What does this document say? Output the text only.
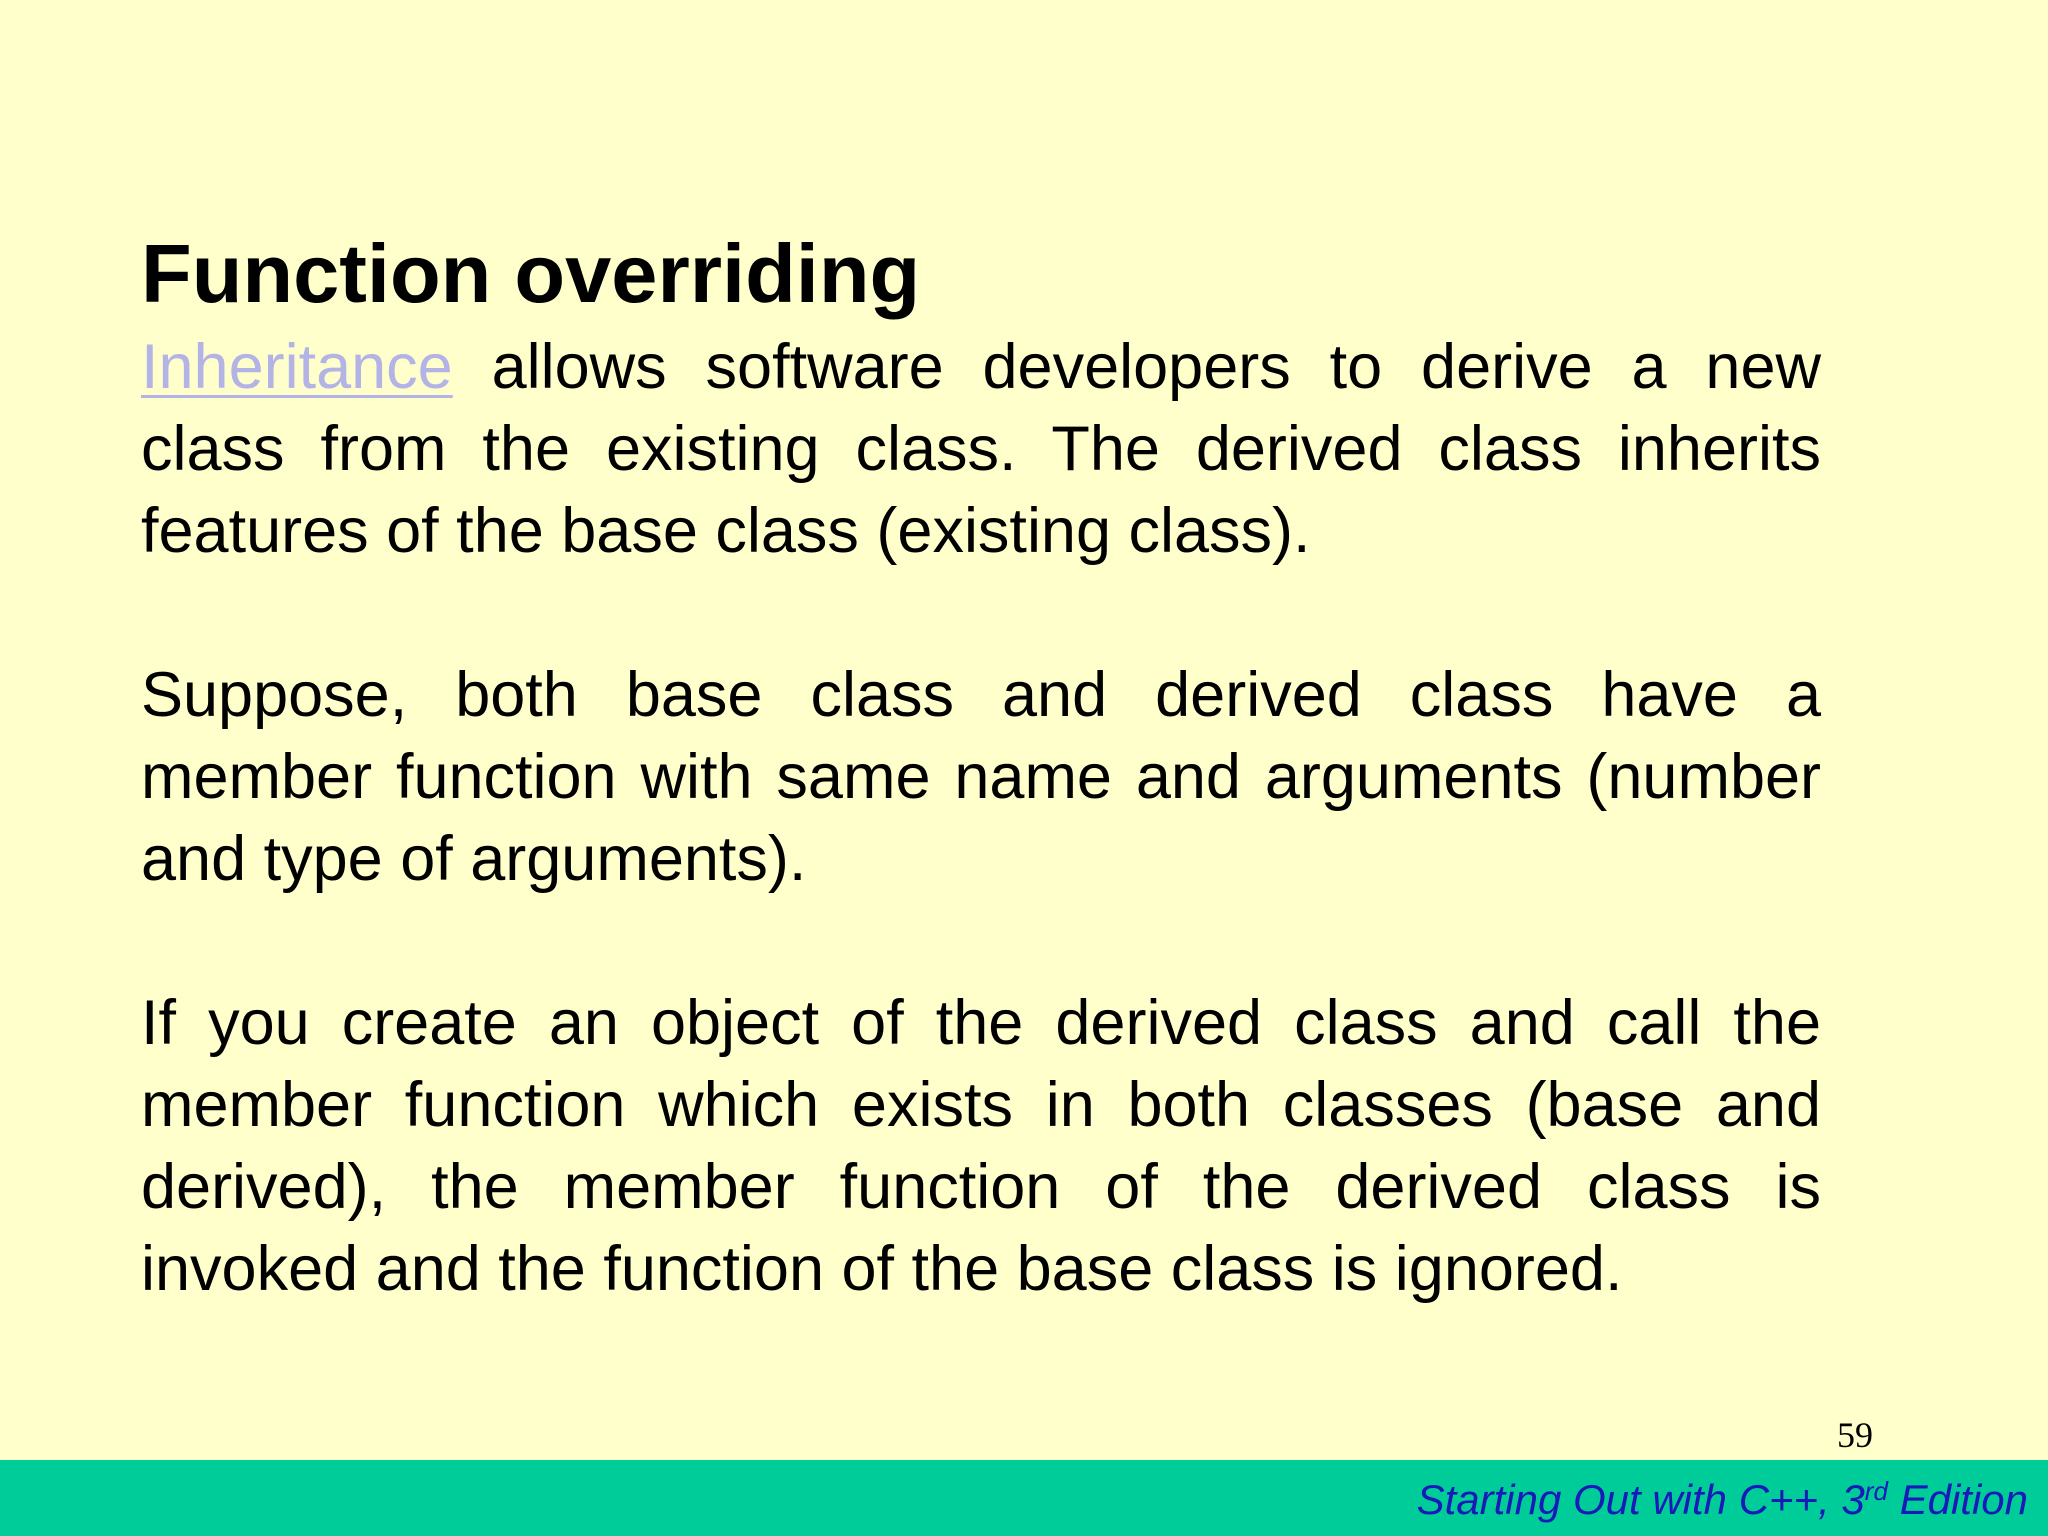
Function overriding

Inheritance allows software developers to derive a new class from the existing class. The derived class inherits features of the base class (existing class).

Suppose, both base class and derived class have a member function with same name and arguments (number and type of arguments).

If you create an object of the derived class and call the member function which exists in both classes (base and derived), the member function of the derived class is invoked and the function of the base class is ignored.

59
Starting Out with C++, 3rd Edition
